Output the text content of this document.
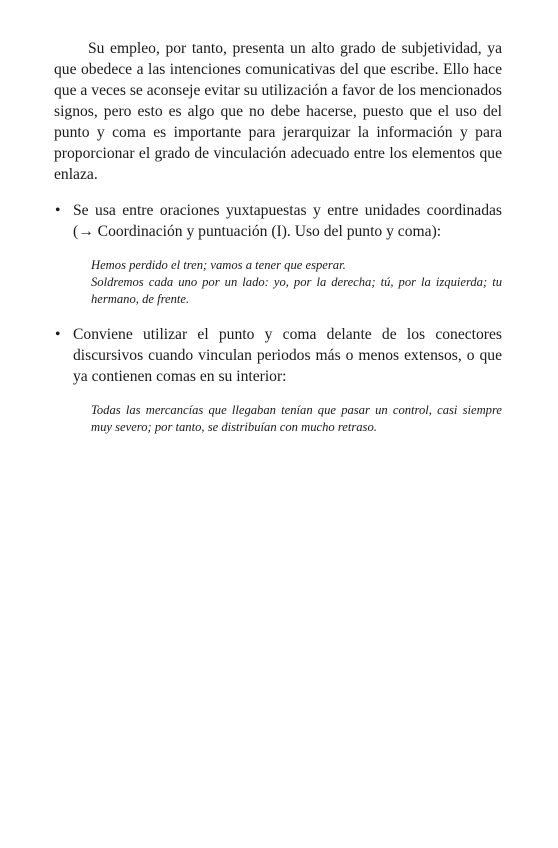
Su empleo, por tanto, presenta un alto grado de subjetividad, ya que obedece a las intenciones comunicativas del que escribe. Ello hace que a veces se aconseje evitar su utilización a favor de los mencionados signos, pero esto es algo que no debe hacerse, puesto que el uso del punto y coma es importante para jerarquizar la información y para proporcionar el grado de vinculación adecuado entre los elementos que enlaza.

• Se usa entre oraciones yuxtapuestas y entre unidades coordinadas (→ Coordinación y puntuación (I). Uso del punto y coma):

Hemos perdido el tren; vamos a tener que esperar.

Soldremos cada uno por un lado: yo, por la derecha; tú, por la izquierda; tu hermano, de frente.

• Conviene utilizar el punto y coma delante de los conectores discursivos cuando vinculan periodos más o menos extensos, o que ya contienen comas en su interior:

Todas las mercancías que llegaban tenían que pasar un control, casi siempre muy severo; por tanto, se distribuían con mucho retraso.
